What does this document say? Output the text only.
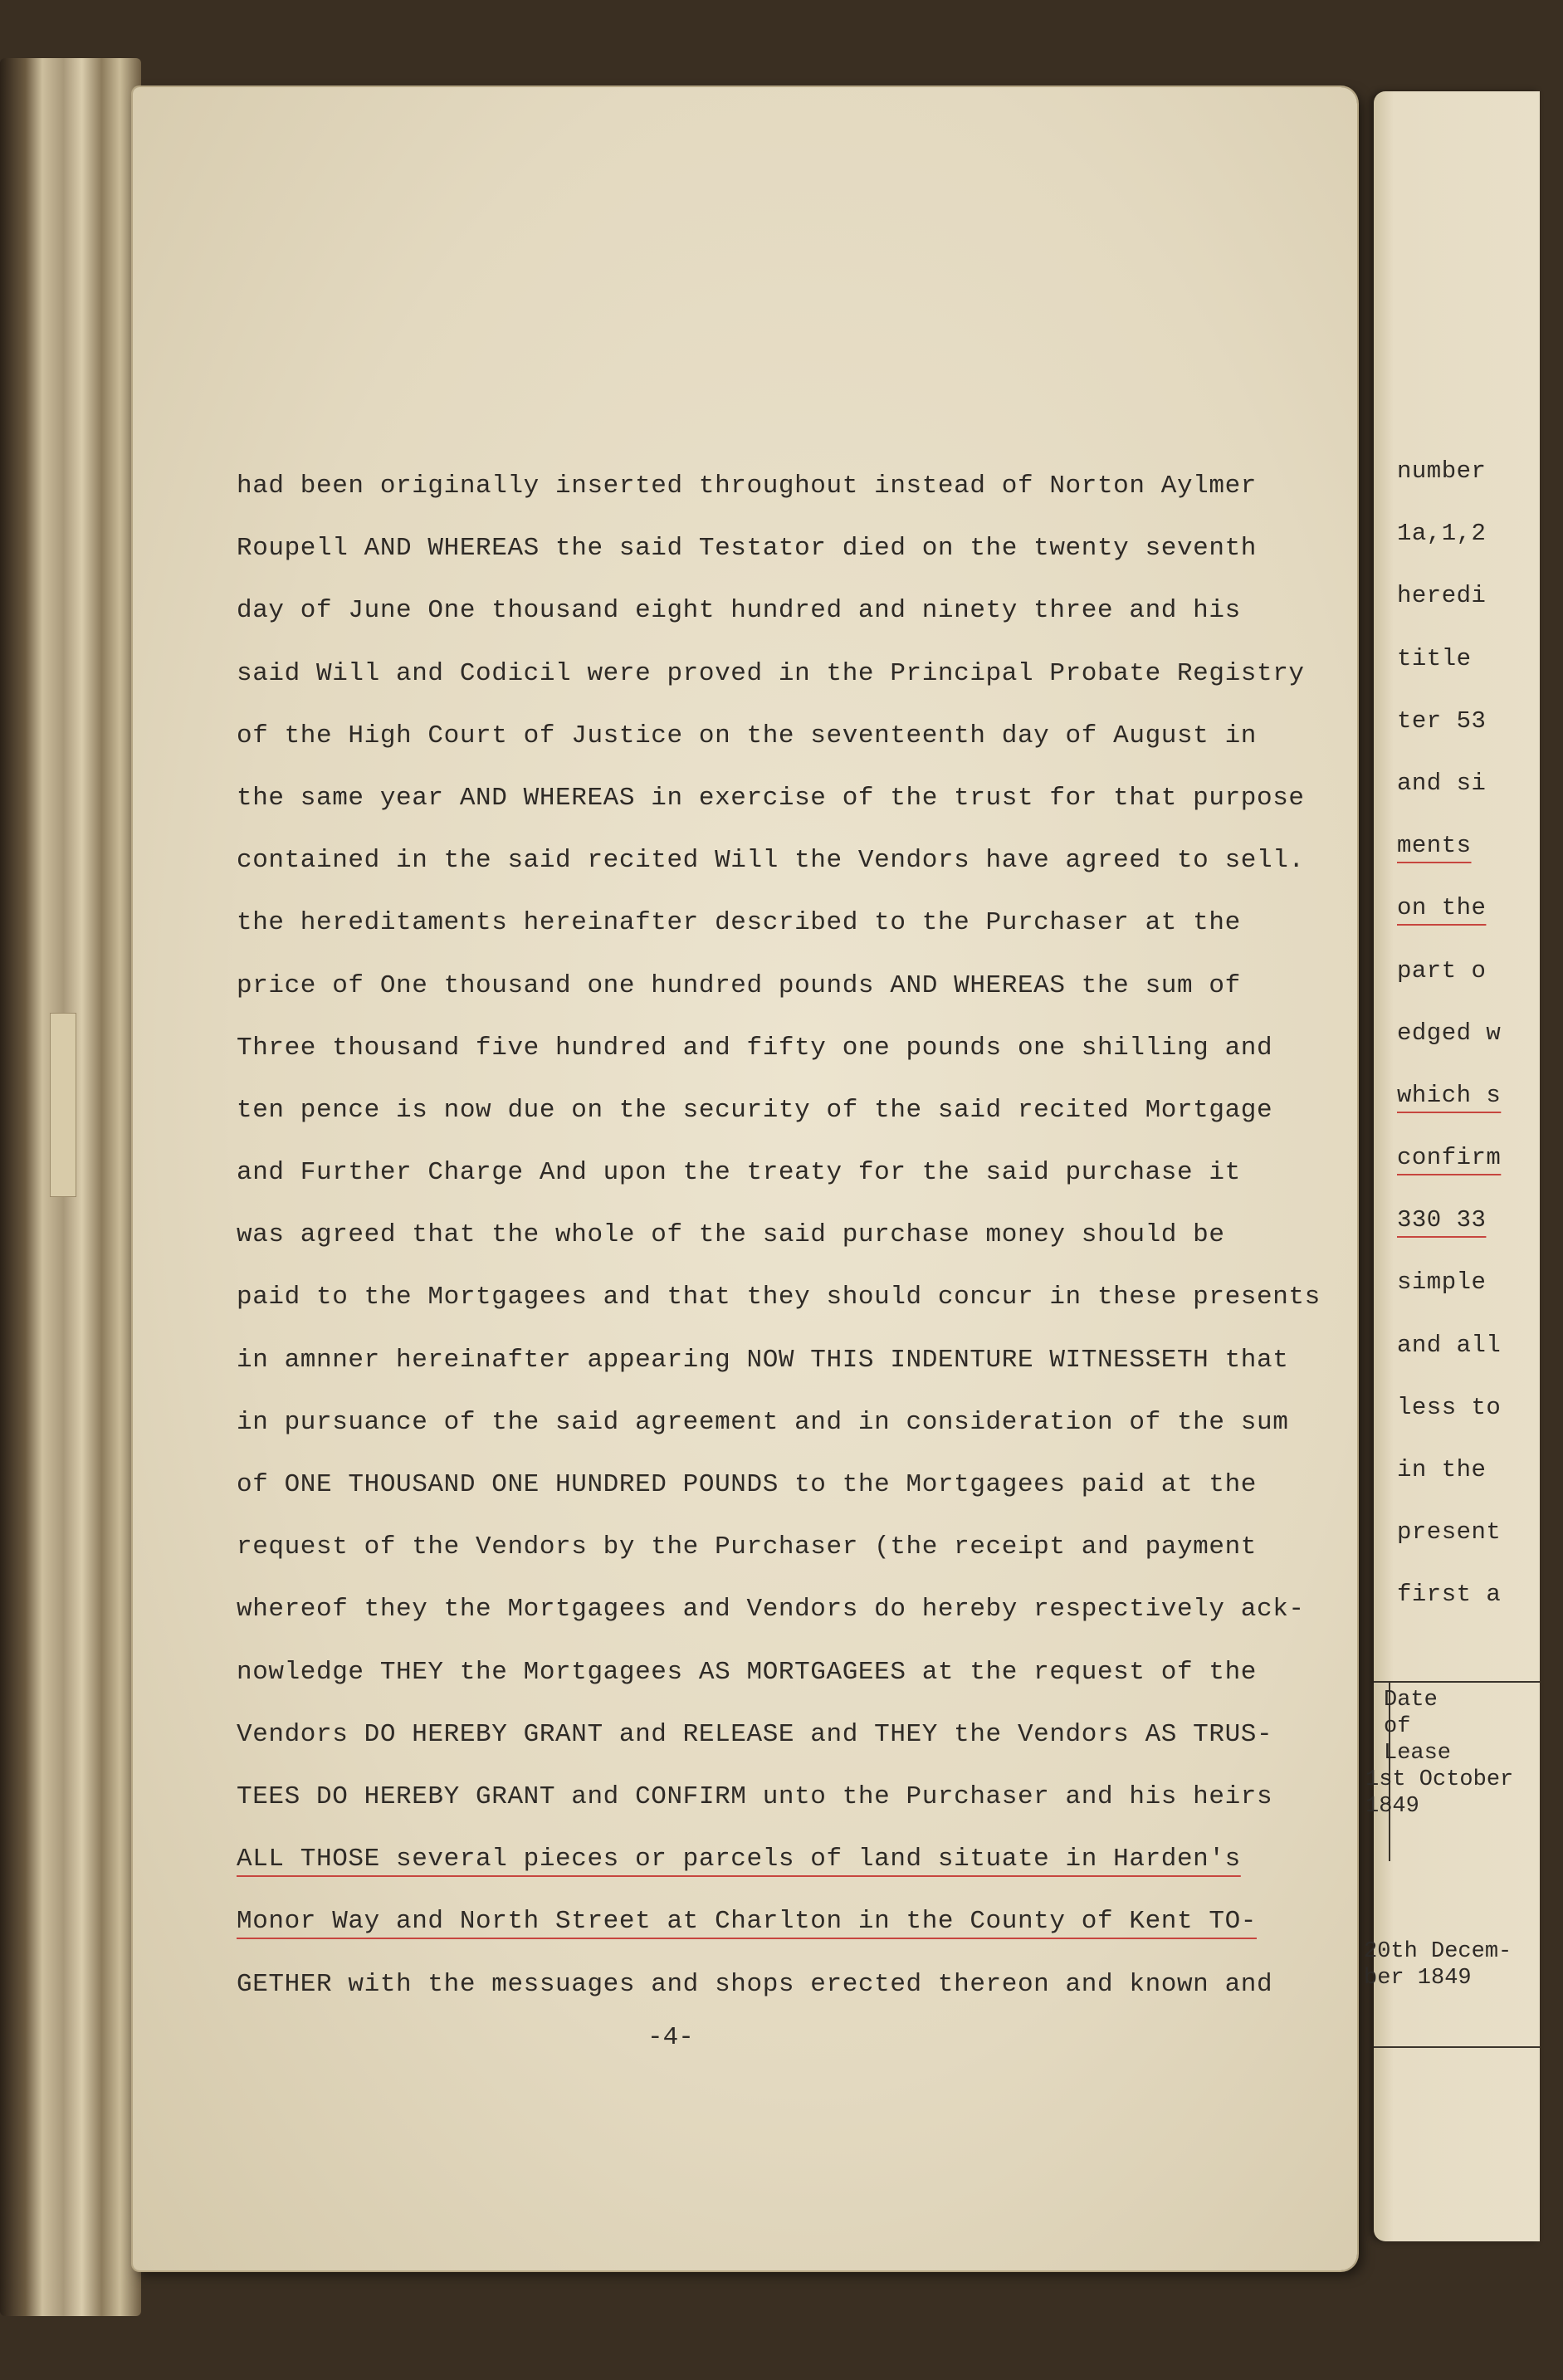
had been originally inserted throughout instead of Norton Aylmer
Roupell AND WHEREAS the said Testator died on the twenty seventh
day of June One thousand eight hundred and ninety three and his
said Will and Codicil were proved in the Principal Probate Registry
of the High Court of Justice on the seventeenth day of August in
the same year AND WHEREAS in exercise of the trust for that purpose
contained in the said recited Will the Vendors have agreed to sell.
the hereditaments hereinafter described to the Purchaser at the
price of One thousand one hundred pounds AND WHEREAS the sum of
Three thousand five hundred and fifty one pounds one shilling and
ten pence is now due on the security of the said recited Mortgage
and Further Charge And upon the treaty for the said purchase it
was agreed that the whole of the said purchase money should be
paid to the Mortgagees and that they should concur in these presents
in amnner hereinafter appearing NOW THIS INDENTURE WITNESSETH that
in pursuance of the said agreement and in consideration of the sum
of ONE THOUSAND ONE HUNDRED POUNDS to the Mortgagees paid at the
request of the Vendors by the Purchaser (the receipt and payment
whereof they the Mortgagees and Vendors do hereby respectively ack-
nowledge THEY the Mortgagees AS MORTGAGEES at the request of the
Vendors DO HEREBY GRANT and RELEASE and THEY the Vendors AS TRUS-
TEES DO HEREBY GRANT and CONFIRM unto the Purchaser and his heirs
ALL THOSE several pieces or parcels of land situate in Harden's
Monor Way and North Street at Charlton in the County of Kent TO-
GETHER with the messuages and shops erected thereon and known and
-4-
number
1a,1,2
heredi
title
ter 53
and si
ments
on the
part o
edged w
which s
confirm
330 33
simple
and all
less to
in the
present
first a
Date
of
Lease
1st October
1849
20th Decem-
ber 1849
